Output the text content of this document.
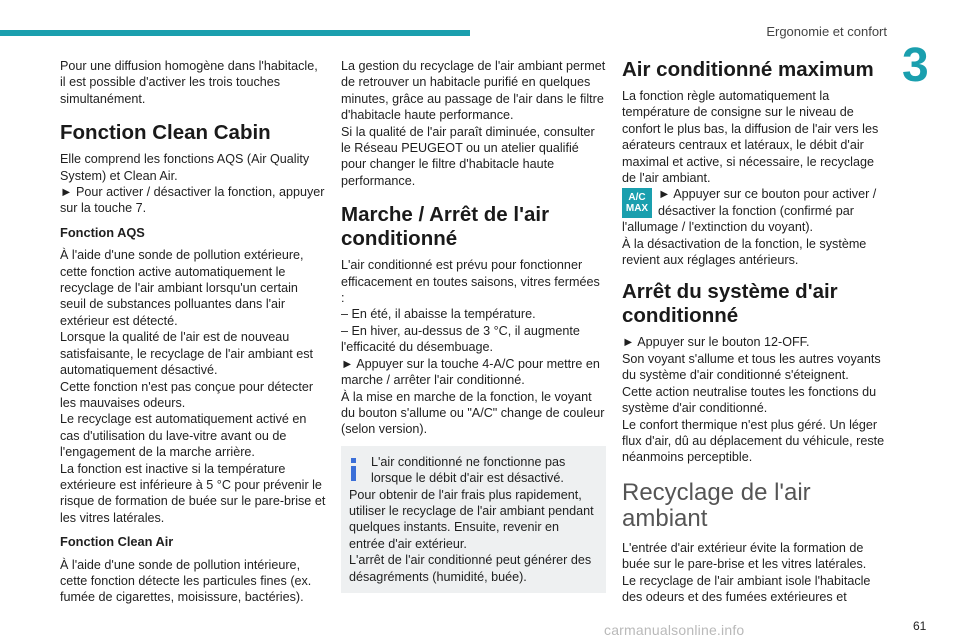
Ergonomie et confort
3

Pour une diffusion homogène dans l'habitacle, il est possible d'activer les trois touches simultanément.

Fonction Clean Cabin

Elle comprend les fonctions AQS (Air Quality System) et Clean Air.

► Pour activer / désactiver la fonction, appuyer sur la touche 7.

Fonction AQS

À l'aide d'une sonde de pollution extérieure, cette fonction active automatiquement le recyclage de l'air ambiant lorsqu'un certain seuil de substances polluantes dans l'air extérieur est détecté.

Lorsque la qualité de l'air est de nouveau satisfaisante, le recyclage de l'air ambiant est automatiquement désactivé.

Cette fonction n'est pas conçue pour détecter les mauvaises odeurs.

Le recyclage est automatiquement activé en cas d'utilisation du lave-vitre avant ou de l'engagement de la marche arrière.

La fonction est inactive si la température extérieure est inférieure à 5 °C pour prévenir le risque de formation de buée sur le pare-brise et les vitres latérales.

Fonction Clean Air

À l'aide d'une sonde de pollution intérieure, cette fonction détecte les particules fines (ex. fumée de cigarettes, moisissure, bactéries).

La gestion du recyclage de l'air ambiant permet de retrouver un habitacle purifié en quelques minutes, grâce au passage de l'air dans le filtre d'habitacle haute performance.

Si la qualité de l'air paraît diminuée, consulter le Réseau PEUGEOT ou un atelier qualifié pour changer le filtre d'habitacle haute performance.

Marche / Arrêt de l'air conditionné

L'air conditionné est prévu pour fonctionner efficacement en toutes saisons, vitres fermées :

– En été, il abaisse la température.

– En hiver, au-dessus de 3 °C, il augmente l'efficacité du désembuage.

► Appuyer sur la touche 4-A/C pour mettre en marche / arrêter l'air conditionné.

À la mise en marche de la fonction, le voyant du bouton s'allume ou "A/C" change de couleur (selon version).

L'air conditionné ne fonctionne pas lorsque le débit d'air est désactivé.

Pour obtenir de l'air frais plus rapidement, utiliser le recyclage de l'air ambiant pendant quelques instants. Ensuite, revenir en entrée d'air extérieur.

L'arrêt de l'air conditionné peut générer des désagréments (humidité, buée).

Air conditionné maximum

La fonction règle automatiquement la température de consigne sur le niveau de confort le plus bas, la diffusion de l'air vers les aérateurs centraux et latéraux, le débit d'air maximal et active, si nécessaire, le recyclage de l'air ambiant.

A/C
MAX

► Appuyer sur ce bouton pour activer / désactiver la fonction (confirmé par l'allumage / l'extinction du voyant).

À la désactivation de la fonction, le système revient aux réglages antérieurs.

Arrêt du système d'air conditionné

► Appuyer sur le bouton 12-OFF.

Son voyant s'allume et tous les autres voyants du système d'air conditionné s'éteignent.

Cette action neutralise toutes les fonctions du système d'air conditionné.

Le confort thermique n'est plus géré. Un léger flux d'air, dû au déplacement du véhicule, reste néanmoins perceptible.

Recyclage de l'air ambiant

L'entrée d'air extérieur évite la formation de buée sur le pare-brise et les vitres latérales.

Le recyclage de l'air ambiant isole l'habitacle des odeurs et des fumées extérieures et

carmanualsonline.info	61
